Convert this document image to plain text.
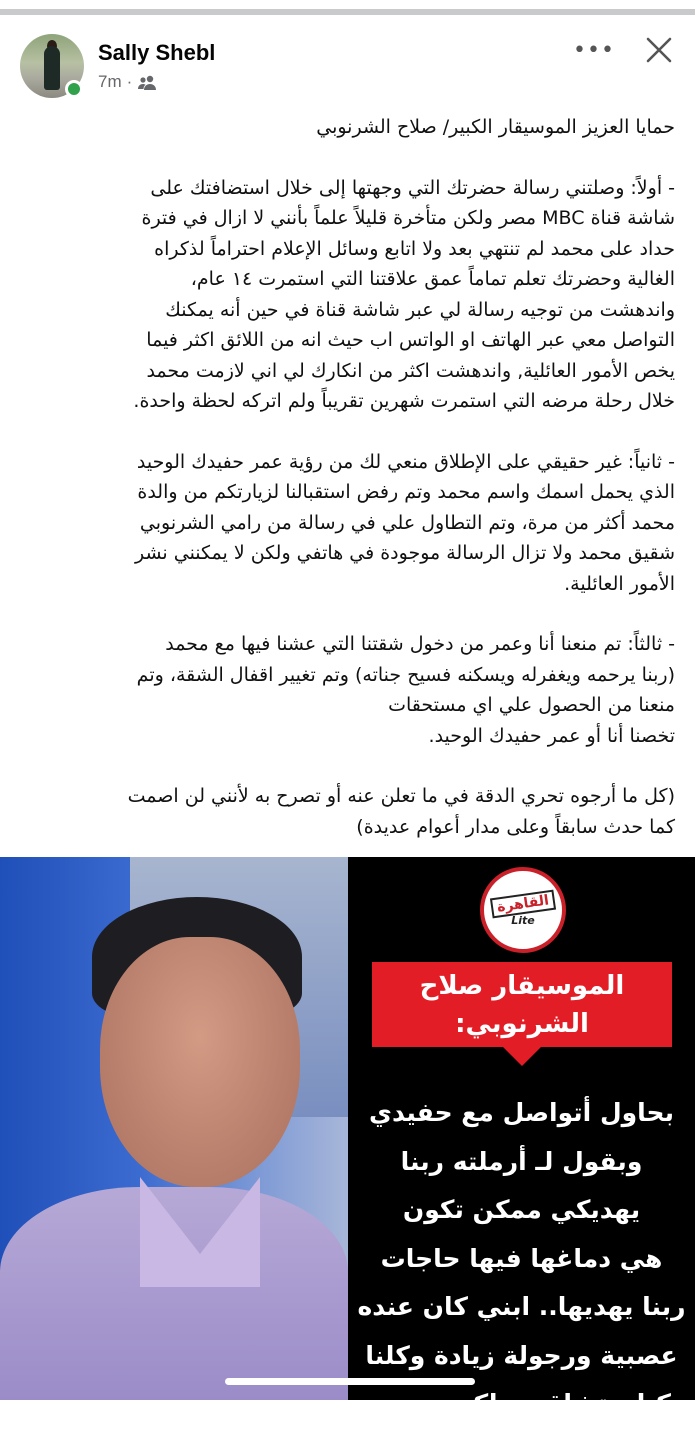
Sally Shebl
7m ·
•••
حمايا العزيز الموسيقار الكبير/ صلاح الشرنوبي
- أولاً: وصلتني رسالة حضرتك التي وجهتها إلى خلال استضافتك على
شاشة قناة MBC مصر ولكن متأخرة قليلاً علماً بأنني لا ازال في فترة
حداد على محمد لم تنتهي بعد ولا اتابع وسائل الإعلام احتراماً لذكراه
الغالية وحضرتك تعلم تماماً عمق علاقتنا التي استمرت ١٤ عام،
واندهشت من توجيه رسالة لي عبر شاشة قناة في حين أنه يمكنك
التواصل معي عبر الهاتف او الواتس اب حيث انه من اللائق اكثر فيما
يخص الأمور العائلية, واندهشت اكثر من انكارك لي اني لازمت محمد
خلال رحلة مرضه التي استمرت شهرين تقريباً ولم اتركه لحظة واحدة.
- ثانياً: غير حقيقي على الإطلاق منعي لك من رؤية عمر حفيدك الوحيد
الذي يحمل اسمك واسم محمد وتم رفض استقبالنا لزيارتكم من والدة
محمد أكثر من مرة، وتم التطاول علي في رسالة من رامي الشرنوبي
شقيق محمد ولا تزال الرسالة موجودة في هاتفي ولكن لا يمكنني نشر
الأمور العائلية.
- ثالثاً: تم منعنا أنا وعمر من دخول شقتنا التي عشنا فيها مع محمد
(ربنا يرحمه ويغفرله ويسكنه فسيح جناته) وتم تغيير اقفال الشقة، وتم
منعنا من الحصول علي اي مستحقات
تخصنا أنا أو عمر حفيدك الوحيد.
(كل ما أرجوه تحري الدقة في ما تعلن عنه أو تصرح به لأنني لن اصمت
كما حدث سابقاً وعلى مدار أعوام عديدة)
القاهرة
Lite
الموسيقار صلاح
الشرنوبي:
بحاول أتواصل مع حفيدي
وبقول لـ أرملته ربنا
يهديكي ممكن تكون
هي دماغها فيها حاجات
ربنا يهديها.. ابني كان عنده
عصبية ورجولة زيادة وكلنا
كنا بنتشاقى ولكن بنرجع
